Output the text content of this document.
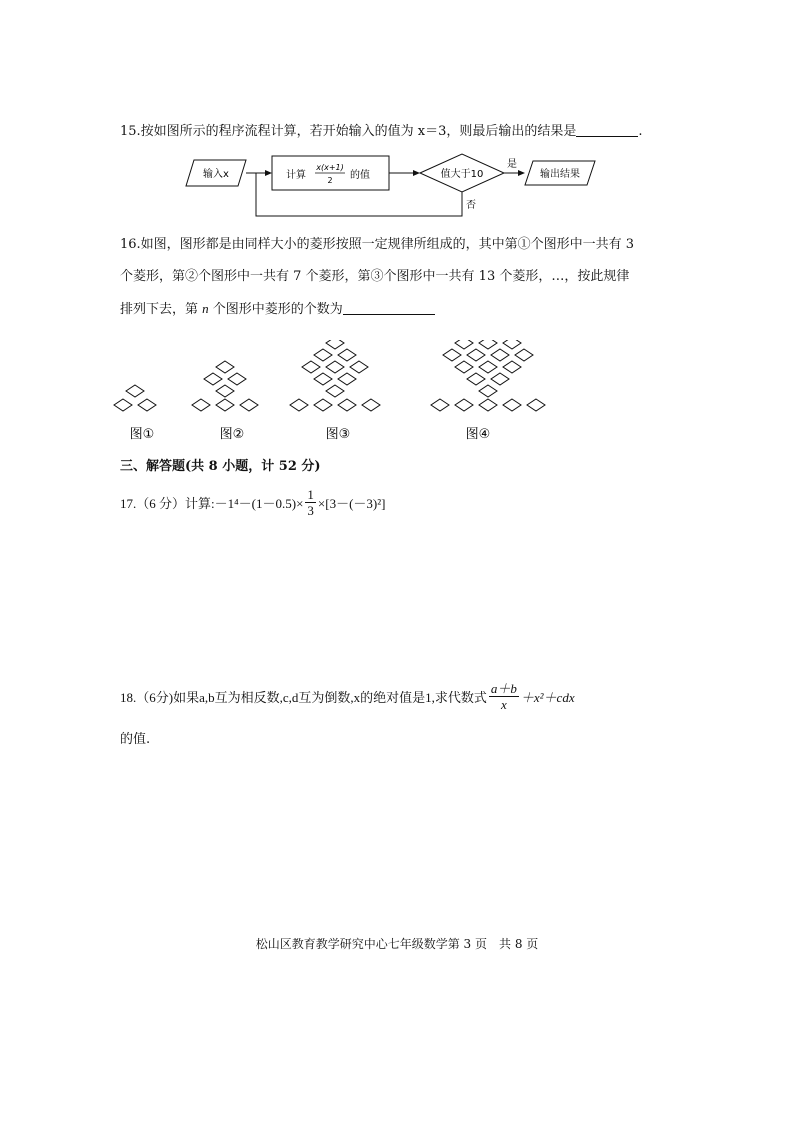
15.按如图所示的程序流程计算，若开始输入的值为 x＝3，则最后输出的结果是	.
输入x	计算
x(x+1)
2 的值	值大于10
是
输出结果
否
16.如图，图形都是由同样大小的菱形按照一定规律所组成的，其中第①个图形中一共有 3
个菱形，第②个图形中一共有 7 个菱形，第③个图形中一共有 13 个菱形，…，按此规律
排列下去，第 n 个图形中菱形的个数为
图①	图②	图③	图④
三、解答题(共 8 小题，计 52 分)
17.（6 分）计算: $-1^4-(1-0.5)\times \frac{1}{3} \times[3-(-3)^2]$
18.（6分)如果a,b互为相反数,c,d互为倒数,x的绝对值是1,求代数式 $\frac{a+b}{x} +x^2+cdx$
的值.
松山区教育教学研究中心七年级数学第 3 页　共 8 页
